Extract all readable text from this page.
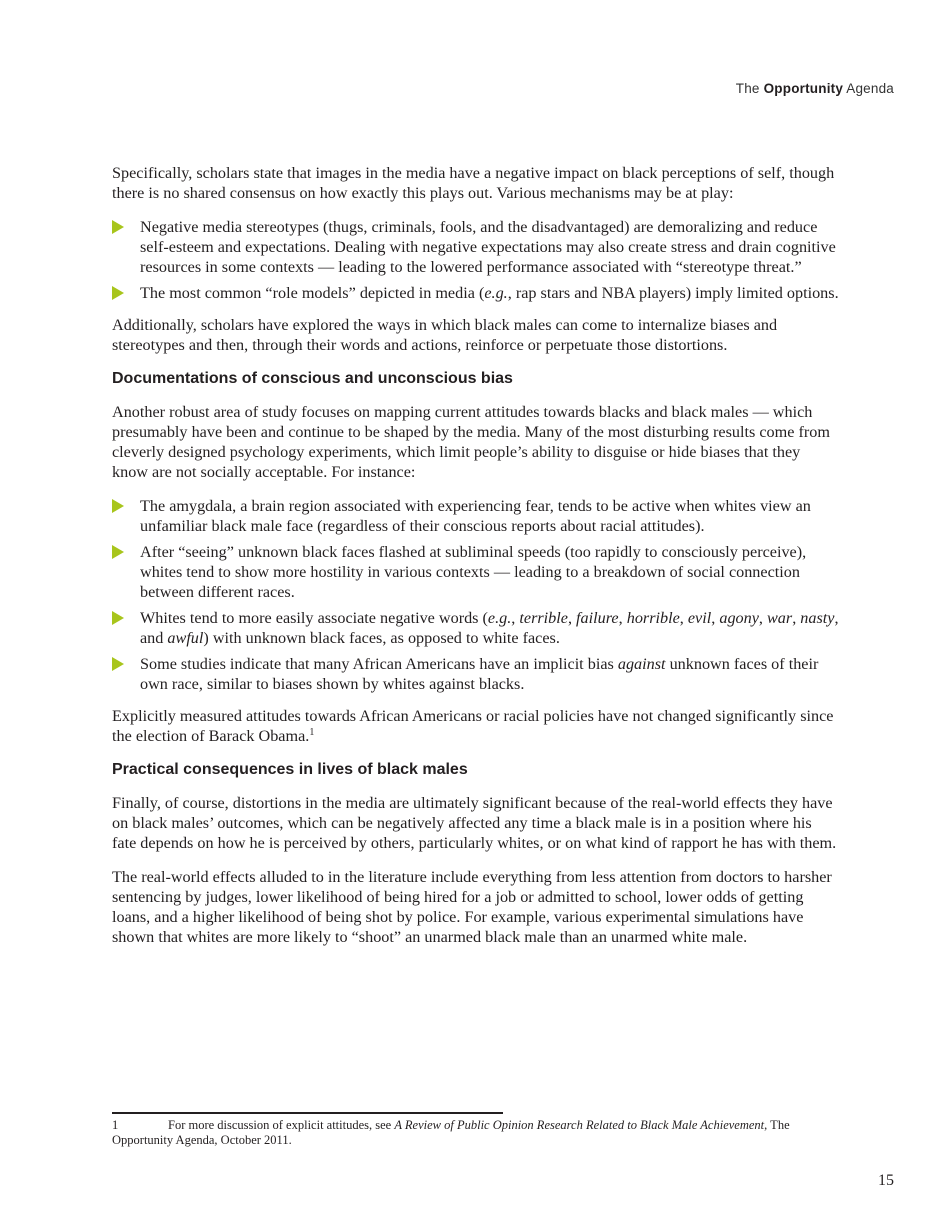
The Opportunity Agenda

Specifically, scholars state that images in the media have a negative impact on black perceptions of self, though there is no shared consensus on how exactly this plays out. Various mechanisms may be at play:

Negative media stereotypes (thugs, criminals, fools, and the disadvantaged) are demoralizing and reduce self-esteem and expectations. Dealing with negative expectations may also create stress and drain cognitive resources in some contexts — leading to the lowered performance associated with “stereotype threat.”
The most common “role models” depicted in media (e.g., rap stars and NBA players) imply limited options.

Additionally, scholars have explored the ways in which black males can come to internalize biases and stereotypes and then, through their words and actions, reinforce or perpetuate those distortions.

Documentations of conscious and unconscious bias

Another robust area of study focuses on mapping current attitudes towards blacks and black males — which presumably have been and continue to be shaped by the media. Many of the most disturbing results come from cleverly designed psychology experiments, which limit people’s ability to disguise or hide biases that they know are not socially acceptable. For instance:

The amygdala, a brain region associated with experiencing fear, tends to be active when whites view an unfamiliar black male face (regardless of their conscious reports about racial attitudes).
After “seeing” unknown black faces flashed at subliminal speeds (too rapidly to consciously perceive), whites tend to show more hostility in various contexts — leading to a breakdown of social connection between different races.
Whites tend to more easily associate negative words (e.g., terrible, failure, horrible, evil, agony, war, nasty, and awful) with unknown black faces, as opposed to white faces.
Some studies indicate that many African Americans have an implicit bias against unknown faces of their own race, similar to biases shown by whites against blacks.

Explicitly measured attitudes towards African Americans or racial policies have not changed significantly since the election of Barack Obama.$^1$

Practical consequences in lives of black males

Finally, of course, distortions in the media are ultimately significant because of the real-world effects they have on black males’ outcomes, which can be negatively affected any time a black male is in a position where his fate depends on how he is perceived by others, particularly whites, or on what kind of rapport he has with them.

The real-world effects alluded to in the literature include everything from less attention from doctors to harsher sentencing by judges, lower likelihood of being hired for a job or admitted to school, lower odds of getting loans, and a higher likelihood of being shot by police. For example, various experimental simulations have shown that whites are more likely to “shoot” an unarmed black male than an unarmed white male.

1	For more discussion of explicit attitudes, see A Review of Public Opinion Research Related to Black Male Achievement, The Opportunity Agenda, October 2011.
15
